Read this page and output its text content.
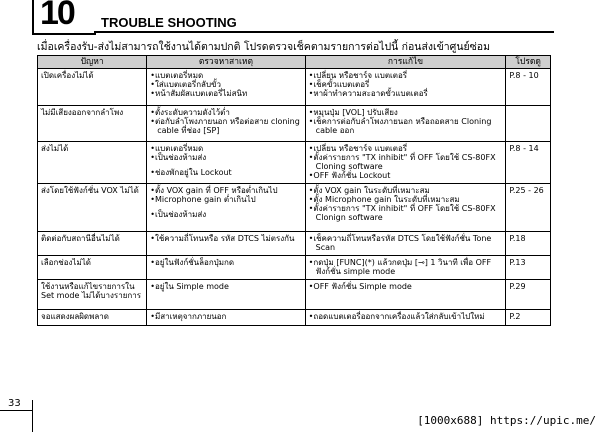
10 TROUBLE SHOOTING
เมื่อเครื่องรับ-ส่งไม่สามารถใช้งานได้ตามปกติ โปรดตรวจเช็คตามรายการต่อไปนี้ ก่อนส่งเข้าศูนย์ซ่อม
ปัญหา	ตรวจหาสาเหตุ	การแก้ไข	โปรดดู
เปิดเครื่องไม่ได้	• แบตเตอรี่หมด
• ใส่แบตเตอรี่กลับขั้ว
• หน้าสัมผัสแบตเตอรี่ไม่สนิท	• เปลี่ยน หรือชาร์จ แบตเตอรี่
• เช็คขั้วแบตเตอรี่
• หาผ้าทำความสะอาดขั้วแบตเตอรี่	P.8 - 10
ไม่มีเสียงออกจากลำโพง	• ตั้งระดับความดังไว้ต่ำ
• ต่อกับลำโพงภายนอก หรือต่อสาย cloning cable ที่ช่อง [SP]	• หมุนปุ่ม [VOL] ปรับเสียง
• เช็คการต่อกับลำโพงภายนอก หรือถอดสาย Cloning cable ออก

ส่งไม่ได้	• แบตเตอรี่หมด
• เป็นช่องห้ามส่ง
• ช่องพักอยู่ใน Lockout	• เปลี่ยน หรือชาร์จ แบตเตอรี่
• ตั้งค่ารายการ "TX inhibit" ที่ OFF โดยใช้ CS-80FX Cloning software
• OFF ฟังก์ชั่น Lockout	P.8 - 14
ส่งโดยใช้ฟังก์ชั่น VOX ไม่ได้	• ตั้ง VOX gain ที่ OFF หรือต่ำเกินไป
• Microphone gain ต่ำเกินไป
• เป็นช่องห้ามส่ง	• ตั้ง VOX gain ในระดับที่เหมาะสม
• ตั้ง Microphone gain ในระดับที่เหมาะสม
• ตั้งค่ารายการ "TX inhibit" ที่ OFF โดยใช้ CS-80FX Clonign software	P.25 - 26
ติดต่อกับสถานีอื่นไม่ได้	• ใช้ความถี่โทนหรือ รหัส DTCS ไม่ตรงกัน	• เช็คความถี่โทนหรือรหัส DTCS โดยใช้ฟังก์ชั่น Tone Scan	P.18
เลือกช่องไม่ได้	• อยู่ในฟังก์ชั่นล็อกปุ่มกด	• กดปุ่ม [FUNC](*) แล้วกดปุ่ม [⊸] 1 วินาที เพื่อ OFF ฟังก์ชั่น simple mode	P.13
ใช้งานหรือแก้ไขรายการใน Set mode ไม่ได้บางรายการ	• อยู่ใน Simple mode	• OFF ฟังก์ชั่น Simple mode	P.29
จอแสดงผลผิดพลาด	• มีสาเหตุจากภายนอก	• ถอดแบตเตอรี่ออกจากเครื่องแล้วใส่กลับเข้าไปใหม่	P.2
33
[1000x688] https://upic.me/
